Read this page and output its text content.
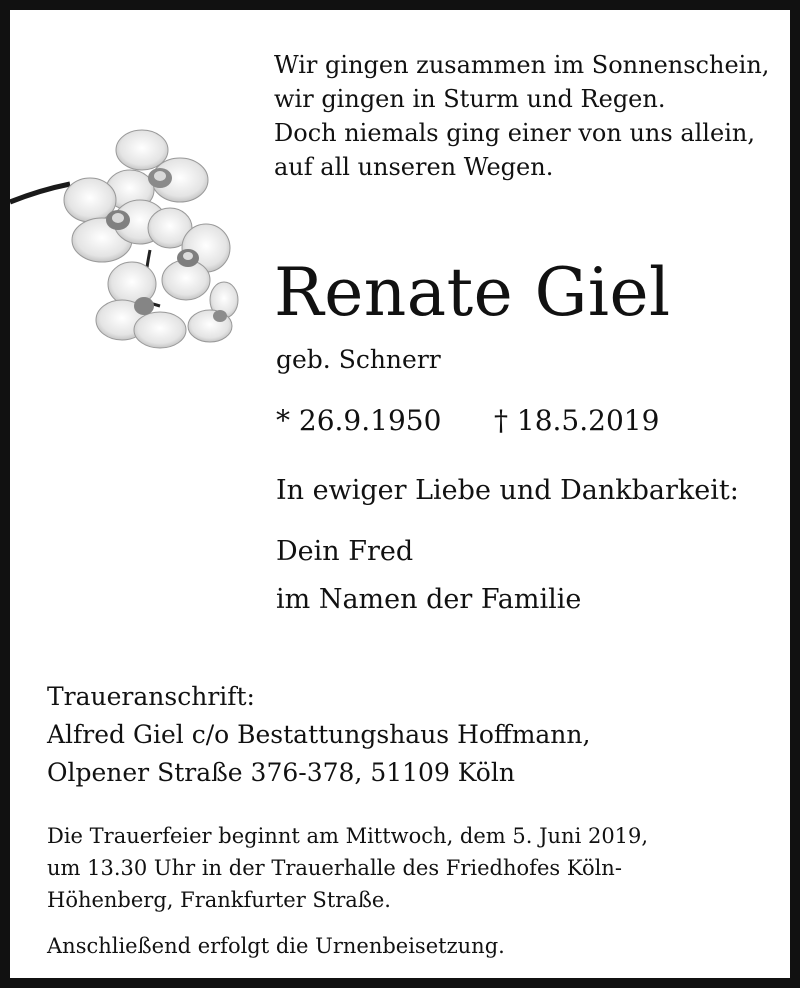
Wir gingen zusammen im Sonnenschein,
wir gingen in Sturm und Regen.
Doch niemals ging einer von uns allein,
auf all unseren Wegen.
Renate Giel
geb. Schnerr
* 26.9.1950 † 18.5.2019
In ewiger Liebe und Dankbarkeit:
Dein Fred
im Namen der Familie
Traueranschrift:
Alfred Giel c/o Bestattungshaus Hoffmann,
Olpener Straße 376-378, 51109 Köln
Die Trauerfeier beginnt am Mittwoch, dem 5. Juni 2019,
um 13.30 Uhr in der Trauerhalle des Friedhofes Köln-
Höhenberg, Frankfurter Straße.
Anschließend erfolgt die Urnenbeisetzung.
